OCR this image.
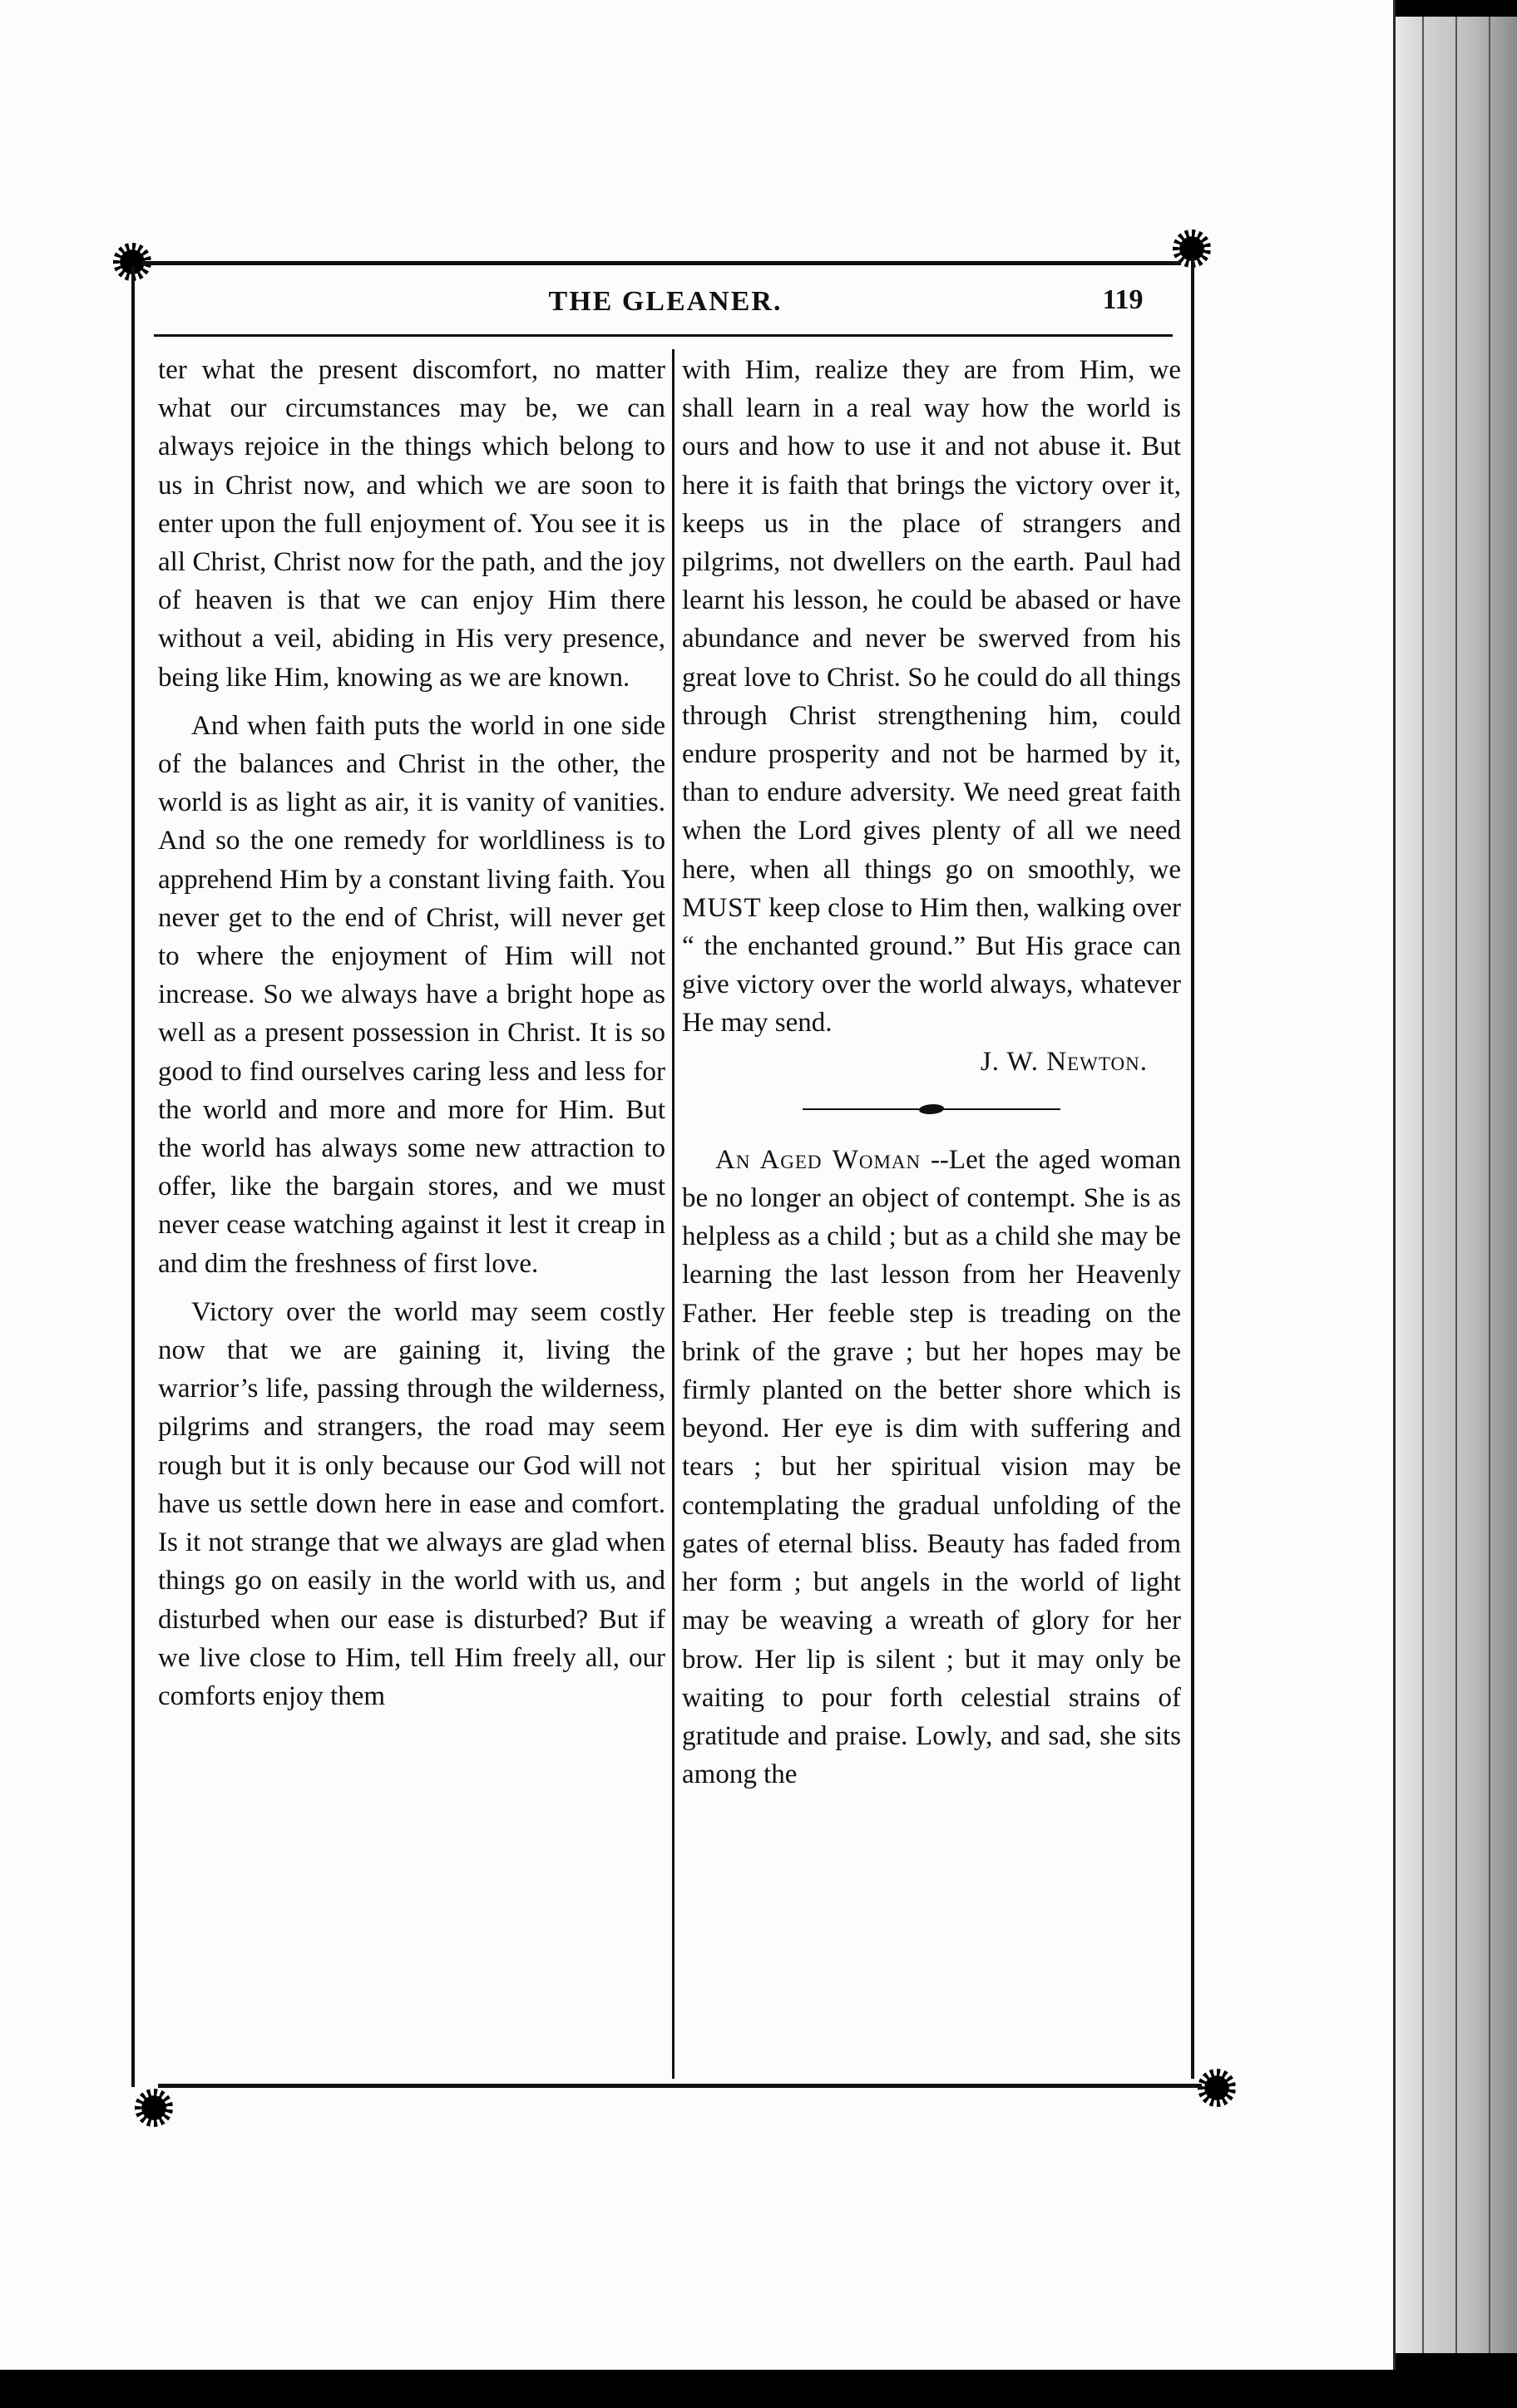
THE GLEANER.	119

ter what the present discomfort, no matter what our circumstances may be, we can always rejoice in the things which belong to us in Christ now, and which we are soon to enter upon the full enjoyment of. You see it is all Christ, Christ now for the path, and the joy of heaven is that we can enjoy Him there without a veil, abiding in His very presence, being like Him, knowing as we are known.

And when faith puts the world in one side of the balances and Christ in the other, the world is as light as air, it is vanity of vanities. And so the one remedy for worldliness is to apprehend Him by a constant living faith. You never get to the end of Christ, will never get to where the enjoyment of Him will not increase. So we always have a bright hope as well as a present possession in Christ. It is so good to find ourselves caring less and less for the world and more and more for Him. But the world has always some new attraction to offer, like the bargain stores, and we must never cease watching against it lest it creap in and dim the freshness of first love.

Victory over the world may seem costly now that we are gaining it, living the warrior’s life, passing through the wilderness, pilgrims and strangers, the road may seem rough but it is only because our God will not have us settle down here in ease and comfort. Is it not strange that we always are glad when things go on easily in the world with us, and disturbed when our ease is disturbed? But if we live close to Him, tell Him freely all, our comforts enjoy them

with Him, realize they are from Him, we shall learn in a real way how the world is ours and how to use it and not abuse it. But here it is faith that brings the victory over it, keeps us in the place of strangers and pilgrims, not dwellers on the earth. Paul had learnt his lesson, he could be abased or have abundance and never be swerved from his great love to Christ. So he could do all things through Christ strengthening him, could endure prosperity and not be harmed by it, than to endure adversity. We need great faith when the Lord gives plenty of all we need here, when all things go on smoothly, we MUST keep close to Him then, walking over “ the enchanted ground.” But His grace can give victory over the world always, whatever He may send.

J. W. Newton.

An Aged Woman --Let the aged woman be no longer an object of contempt. She is as helpless as a child ; but as a child she may be learning the last lesson from her Heavenly Father. Her feeble step is treading on the brink of the grave ; but her hopes may be firmly planted on the better shore which is beyond. Her eye is dim with suffering and tears ; but her spiritual vision may be contemplating the gradual unfolding of the gates of eternal bliss. Beauty has faded from her form ; but angels in the world of light may be weaving a wreath of glory for her brow. Her lip is silent ; but it may only be waiting to pour forth celestial strains of gratitude and praise. Lowly, and sad, she sits among the
